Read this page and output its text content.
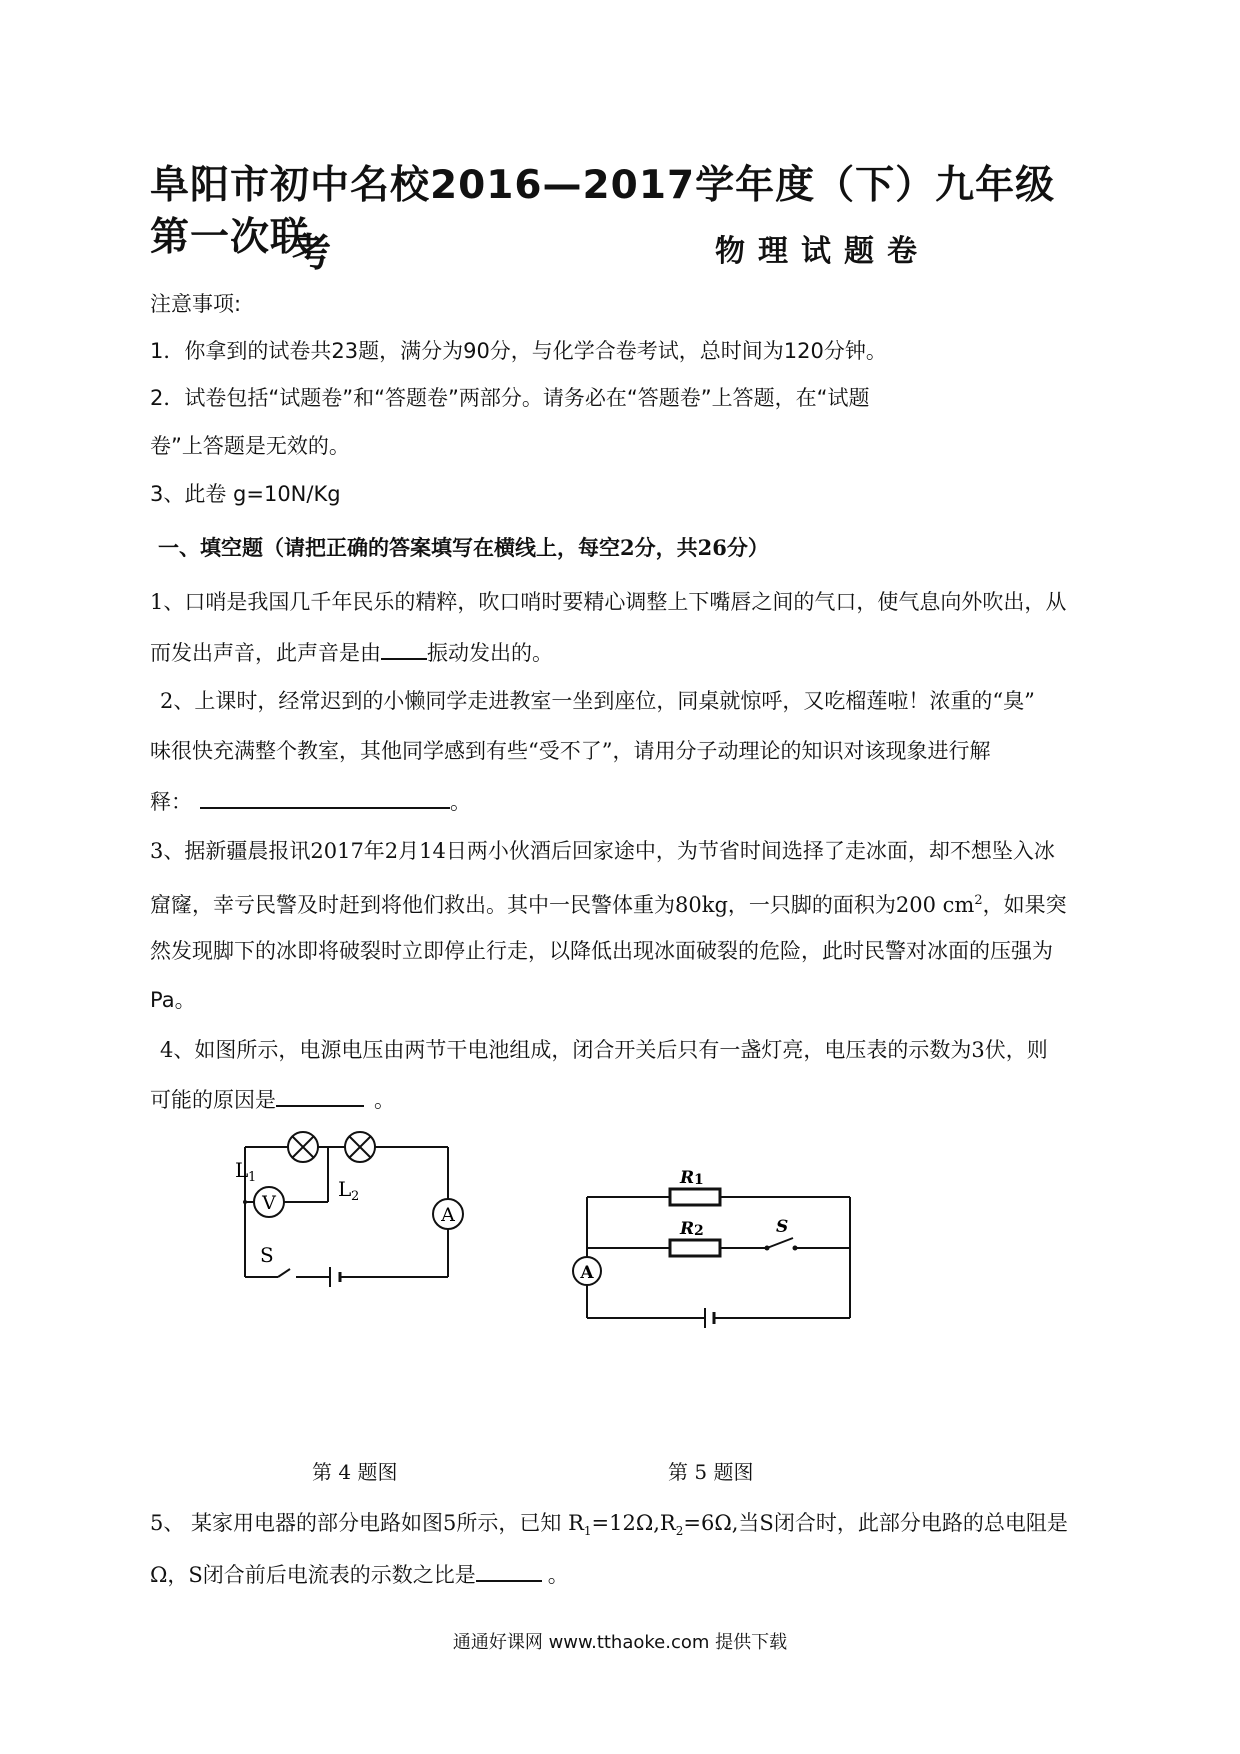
阜阳市初中名校2016—2017学年度（下）九年级第一次联
考	物理试题卷
注意事项:
1．你拿到的试卷共23题，满分为90分，与化学合卷考试，总时间为120分钟。
2．试卷包括“试题卷”和“答题卷”两部分。请务必在“答题卷”上答题，在“试题
卷”上答题是无效的。
3、此卷 g=10N/Kg
一、填空题（请把正确的答案填写在横线上，每空2分，共26分）
1、口哨是我国几千年民乐的精粹，吹口哨时要精心调整上下嘴唇之间的气口，使气息向外吹出，从
而发出声音，此声音是由 振动发出的。
2、上课时，经常迟到的小懒同学走进教室一坐到座位，同桌就惊呼，又吃榴莲啦！浓重的“臭”
味很快充满整个教室，其他同学感到有些“受不了”，请用分子动理论的知识对该现象进行解
释：	。
3、据新疆晨报讯2017年2月14日两小伙酒后回家途中，为节省时间选择了走冰面，却不想坠入冰
窟窿，幸亏民警及时赶到将他们救出。其中一民警体重为80kg，一只脚的面积为200 $cm^2$，如果突
然发现脚下的冰即将破裂时立即停止行走，以降低出现冰面破裂的危险，此时民警对冰面的压强为
Pa。
4、如图所示，电源电压由两节干电池组成，闭合开关后只有一盏灯亮，电压表的示数为3伏，则
可能的原因是	。
V
A
L 1	L 2
S
A
R 1
R 2	S
第 4 题图	第 5 题图
5、 某家用电器的部分电路如图5所示，已知 $R_1=12\Omega,R_2=6\Omega$,当S闭合时，此部分电路的总电阻是
Ω，S闭合前后电流表的示数之比是	。
通通好课网 www.tthaoke.com 提供下载
